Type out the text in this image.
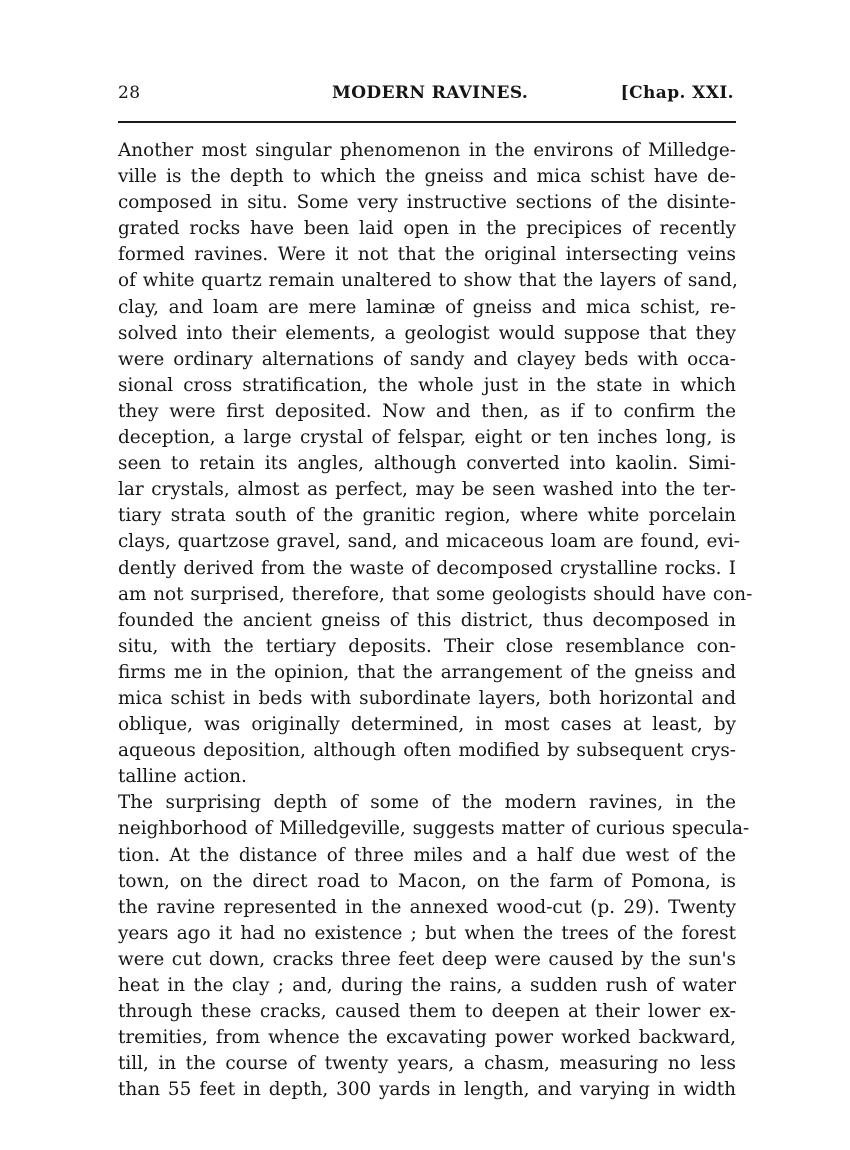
28	MODERN RAVINES.	[Chap. XXI.
Another most singular phenomenon in the environs of Milledge-
ville is the depth to which the gneiss and mica schist have de-
composed in situ. Some very instructive sections of the disinte-
grated rocks have been laid open in the precipices of recently
formed ravines. Were it not that the original intersecting veins
of white quartz remain unaltered to show that the layers of sand,
clay, and loam are mere laminæ of gneiss and mica schist, re-
solved into their elements, a geologist would suppose that they
were ordinary alternations of sandy and clayey beds with occa-
sional cross stratification, the whole just in the state in which
they were first deposited. Now and then, as if to confirm the
deception, a large crystal of felspar, eight or ten inches long, is
seen to retain its angles, although converted into kaolin. Simi-
lar crystals, almost as perfect, may be seen washed into the ter-
tiary strata south of the granitic region, where white porcelain
clays, quartzose gravel, sand, and micaceous loam are found, evi-
dently derived from the waste of decomposed crystalline rocks. I
am not surprised, therefore, that some geologists should have con-
founded the ancient gneiss of this district, thus decomposed in
situ, with the tertiary deposits. Their close resemblance con-
firms me in the opinion, that the arrangement of the gneiss and
mica schist in beds with subordinate layers, both horizontal and
oblique, was originally determined, in most cases at least, by
aqueous deposition, although often modified by subsequent crys-
talline action.
The surprising depth of some of the modern ravines, in the
neighborhood of Milledgeville, suggests matter of curious specula-
tion. At the distance of three miles and a half due west of the
town, on the direct road to Macon, on the farm of Pomona, is
the ravine represented in the annexed wood-cut (p. 29). Twenty
years ago it had no existence ; but when the trees of the forest
were cut down, cracks three feet deep were caused by the sun's
heat in the clay ; and, during the rains, a sudden rush of water
through these cracks, caused them to deepen at their lower ex-
tremities, from whence the excavating power worked backward,
till, in the course of twenty years, a chasm, measuring no less
than 55 feet in depth, 300 yards in length, and varying in width
